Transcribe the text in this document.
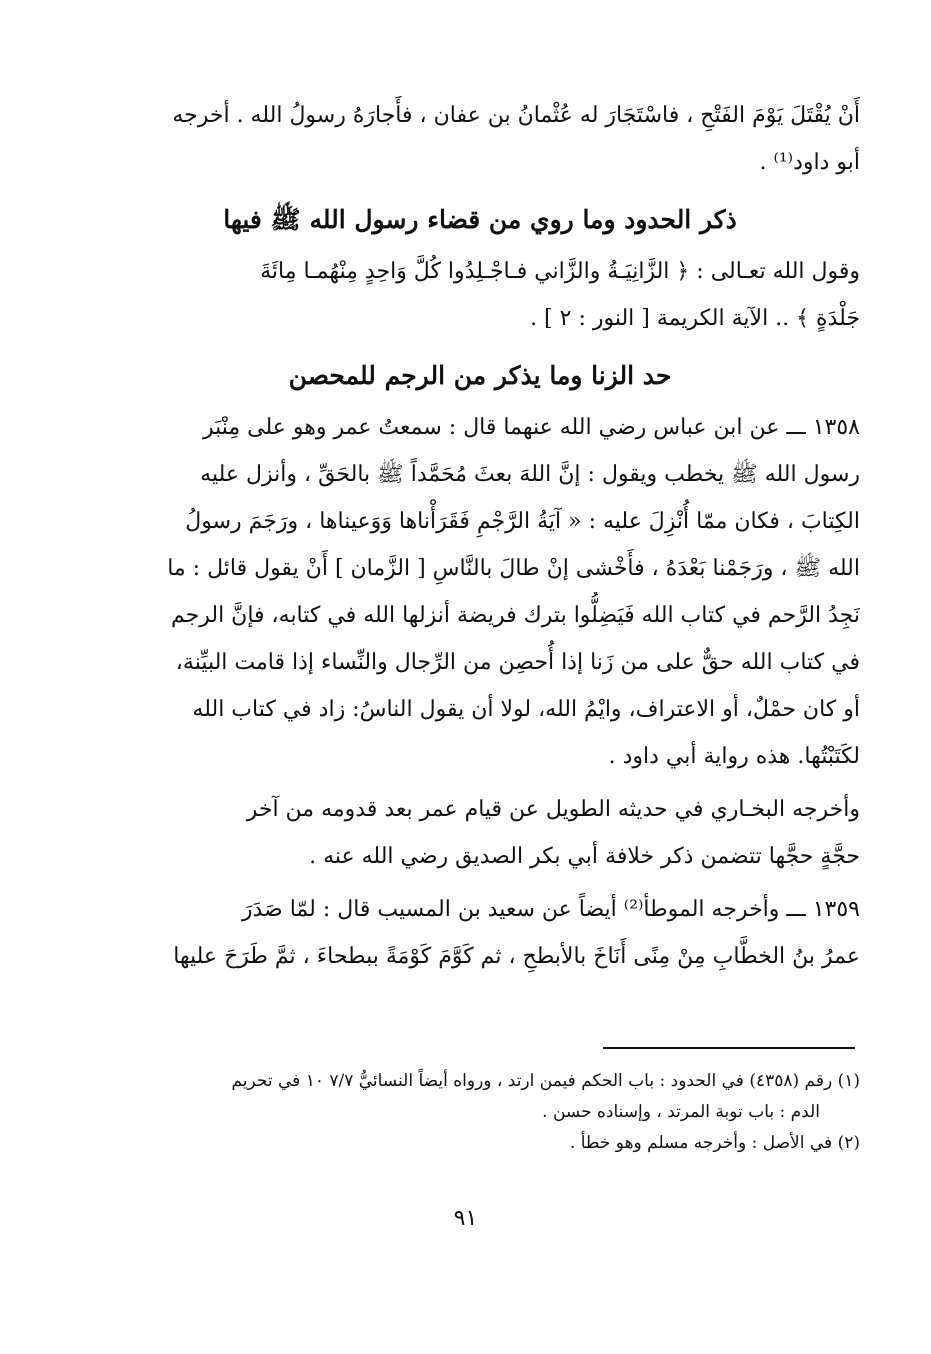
أَنْ يُقْتَلَ يَوْمَ الفَتْحِ ، فاسْتَجَارَ له عُثْمانُ بن عفان ، فأَجارَهُ رسولُ الله . أخرجه
أبو داود⁽¹⁾ .
ذكر الحدود وما روي من قضاء رسول الله ﷺ فيها
وقول الله تعـالى : ﴿ الزَّانِيَـةُ والزَّاني فـاجْـلِدُوا كُلَّ وَاحِدٍ مِنْهُمـا مِائَةَ
جَلْدَةٍ ﴾ .. الآية الكريمة [ النور : ٢ ] .
حد الزنا وما يذكر من الرجم للمحصن
١٣٥٨ ـــ عن ابن عباس رضي الله عنهما قال : سمعتُ عمر وهو على مِنْبَر
رسول الله ﷺ يخطب ويقول : إنَّ اللهَ بعثَ مُحَمَّداً ﷺ بالحَقِّ ، وأنزل عليه
الكِتابَ ، فكان ممّا أُنْزِلَ عليه : « آيَةُ الرَّجْمِ فَقَرَأْناها وَوَعيناها ، ورَجَمَ رسولُ
الله ﷺ ، ورَجَمْنا بَعْدَهُ ، فأَخْشى إنْ طالَ بالنَّاسِ [ الزَّمان ] أَنْ يقول قائل : ما
نَجِدُ الرَّحم في كتاب الله فَيَضِلُّوا بترك فريضة أنزلها الله في كتابه، فإنَّ الرجم
في كتاب الله حقٌّ على من زَنا إذا أُحصِن من الرِّجال والنِّساء إذا قامت البيِّنة،
أو كان حمْلٌ، أو الاعتراف، وايْمُ الله، لولا أن يقول الناسُ: زاد في كتاب الله
لكَتَبْتُها. هذه رواية أبي داود .
وأخرجه البخـاري في حديثه الطويل عن قيام عمر بعد قدومه من آخر
حجَّةٍ حجَّها تتضمن ذكر خلافة أبي بكر الصديق رضي الله عنه .
١٣٥٩ ـــ وأخرجه الموطأ⁽²⁾ أيضاً عن سعيد بن المسيب قال : لمّا صَدَرَ
عمرُ بنُ الخطَّابِ مِنْ مِنًى أَنَاخَ بالأبطحِ ، ثم كَوَّمَ كَوْمَةً ببطحاءَ ، ثمَّ طَرَحَ عليها
(١) رقم (٤٣٥٨) في الحدود : باب الحكم فيمن ارتد ، ورواه أيضاً النسائيُّ ٧/٧ ١٠ في تحريم
الدم : باب توبة المرتد ، وإسناده حسن .
(٢) في الأصل : وأخرجه مسلم وهو خطأ .
٩١
